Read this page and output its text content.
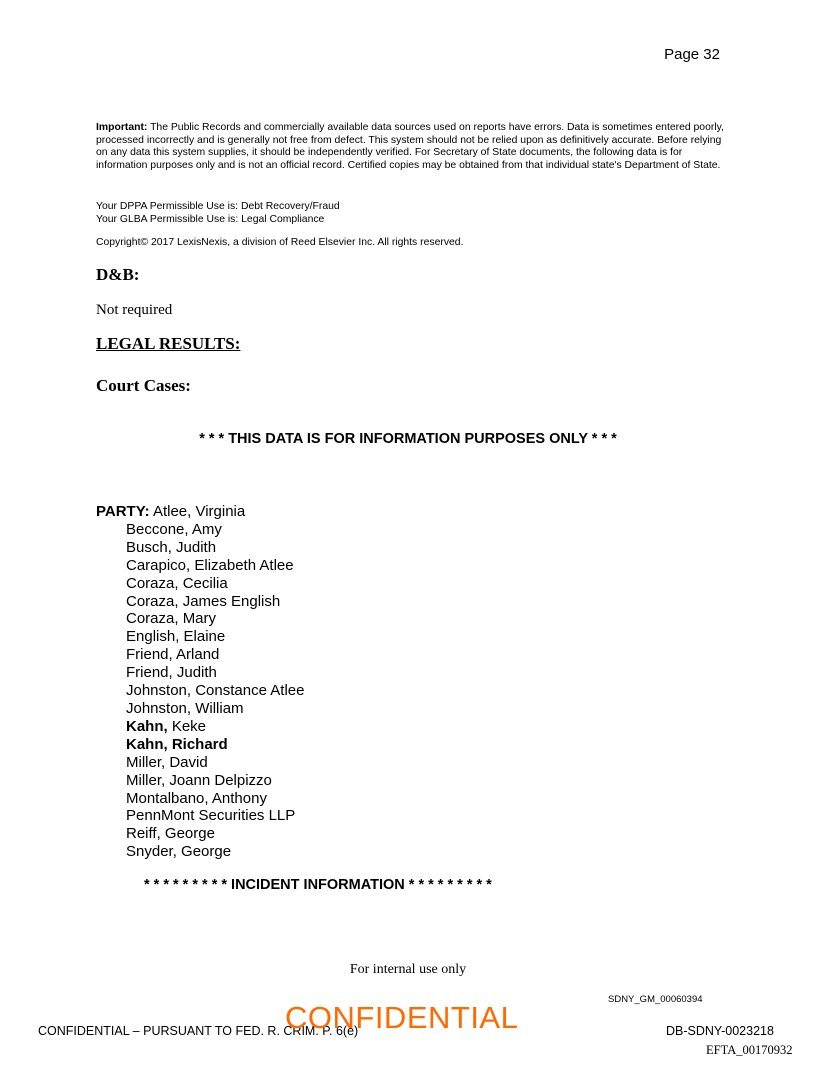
Page 32
Important: The Public Records and commercially available data sources used on reports have errors. Data is sometimes entered poorly, processed incorrectly and is generally not free from defect. This system should not be relied upon as definitively accurate. Before relying on any data this system supplies, it should be independently verified. For Secretary of State documents, the following data is for information purposes only and is not an official record. Certified copies may be obtained from that individual state's Department of State.
Your DPPA Permissible Use is: Debt Recovery/Fraud
Your GLBA Permissible Use is: Legal Compliance
Copyright© 2017 LexisNexis, a division of Reed Elsevier Inc. All rights reserved.
D&B:
Not required
LEGAL RESULTS:
Court Cases:
* * * THIS DATA IS FOR INFORMATION PURPOSES ONLY * * *
PARTY: Atlee, Virginia
Beccone, Amy
Busch, Judith
Carapico, Elizabeth Atlee
Coraza, Cecilia
Coraza, James English
Coraza, Mary
English, Elaine
Friend, Arland
Friend, Judith
Johnston, Constance Atlee
Johnston, William
Kahn, Keke
Kahn, Richard
Miller, David
Miller, Joann Delpizzo
Montalbano, Anthony
PennMont Securities LLP
Reiff, George
Snyder, George
* * * * * * * * * INCIDENT INFORMATION * * * * * * * * *
For internal use only
SDNY_GM_00060394
CONFIDENTIAL – PURSUANT TO FED. R. CRIM. P. 6(e)
CONFIDENTIAL	DB-SDNY-0023218
EFTA_00170932
